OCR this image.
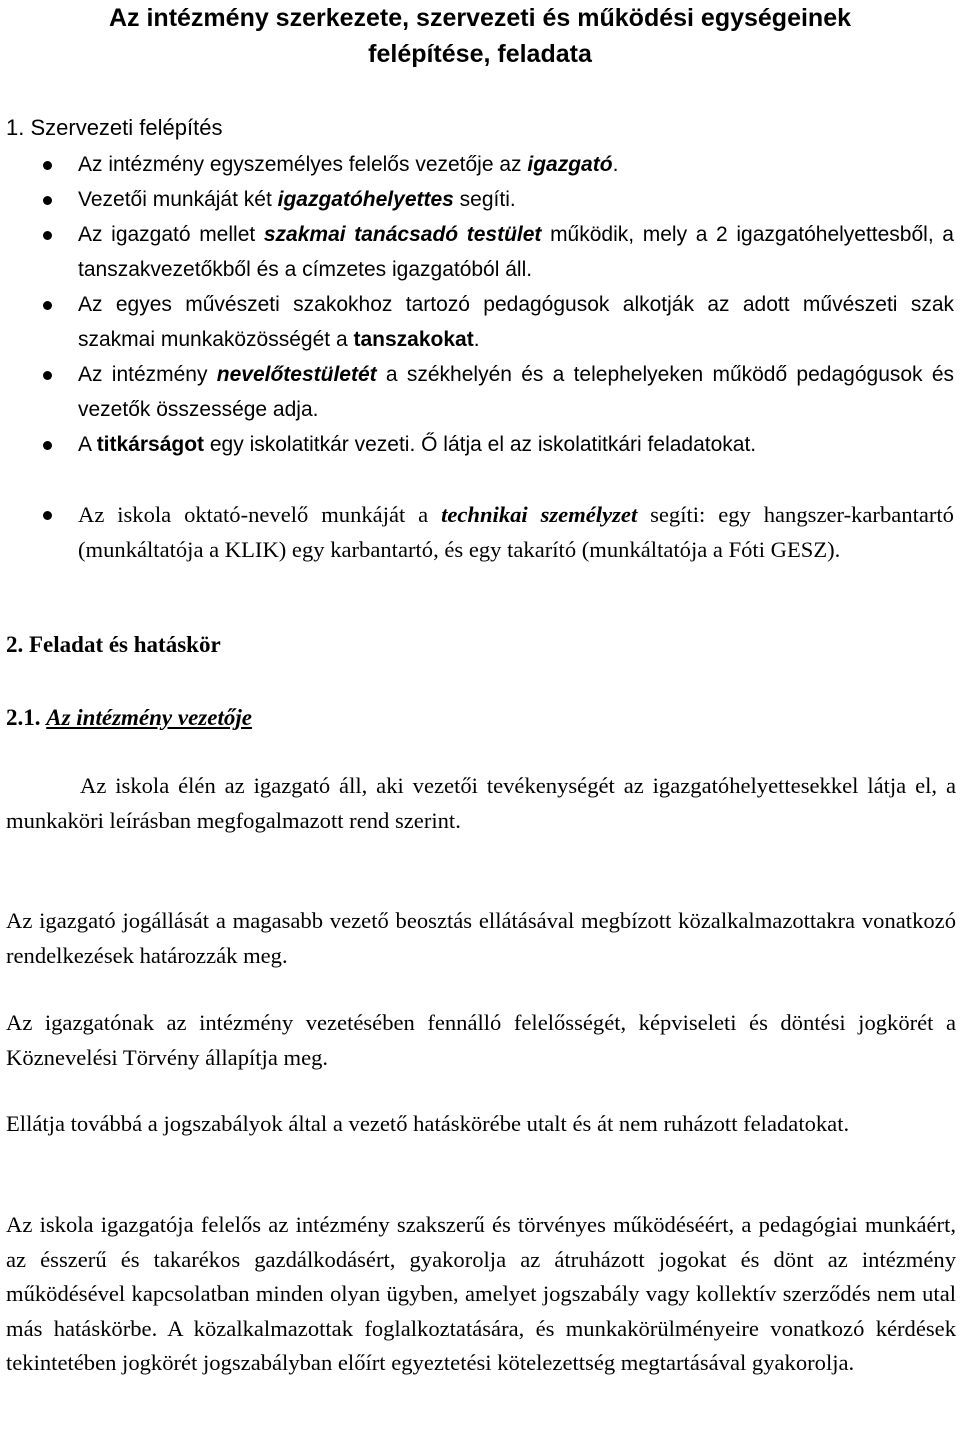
Az intézmény szerkezete, szervezeti és működési egységeinek
felépítése, feladata
1. Szervezeti felépítés
Az intézmény egyszemélyes felelős vezetője az igazgató.
Vezetői munkáját két igazgatóhelyettes segíti.
Az igazgató mellet szakmai tanácsadó testület működik, mely a 2 igazgatóhelyettesből, a tanszakvezetőkből és a címzetes igazgatóból áll.
Az egyes művészeti szakokhoz tartozó pedagógusok alkotják az adott művészeti szak szakmai munkaközösségét a tanszakokat.
Az intézmény nevelőtestületét a székhelyén és a telephelyeken működő pedagógusok és vezetők összessége adja.
A titkárságot egy iskolatitkár vezeti. Ő látja el az iskolatitkári feladatokat.
Az iskola oktató-nevelő munkáját a technikai személyzet segíti: egy hangszer-karbantartó (munkáltatója a KLIK) egy karbantartó, és egy takarító (munkáltatója a Fóti GESZ).
2. Feladat és hatáskör
2.1. Az intézmény vezetője

Az iskola élén az igazgató áll, aki vezetői tevékenységét az igazgatóhelyettesekkel látja el, a munkaköri leírásban megfogalmazott rend szerint.

Az igazgató jogállását a magasabb vezető beosztás ellátásával megbízott közalkalmazottakra vonatkozó rendelkezések határozzák meg.

Az igazgatónak az intézmény vezetésében fennálló felelősségét, képviseleti és döntési jogkörét a Köznevelési Törvény állapítja meg.

Ellátja továbbá a jogszabályok által a vezető hatáskörébe utalt és át nem ruházott feladatokat.

Az iskola igazgatója felelős az intézmény szakszerű és törvényes működéséért, a pedagógiai munkáért, az ésszerű és takarékos gazdálkodásért, gyakorolja az átruházott jogokat és dönt az intézmény működésével kapcsolatban minden olyan ügyben, amelyet jogszabály vagy kollektív szerződés nem utal más hatáskörbe. A közalkalmazottak foglalkoztatására, és munkakörülményeire vonatkozó kérdések tekintetében jogkörét jogszabályban előírt egyeztetési kötelezettség megtartásával gyakorolja.
